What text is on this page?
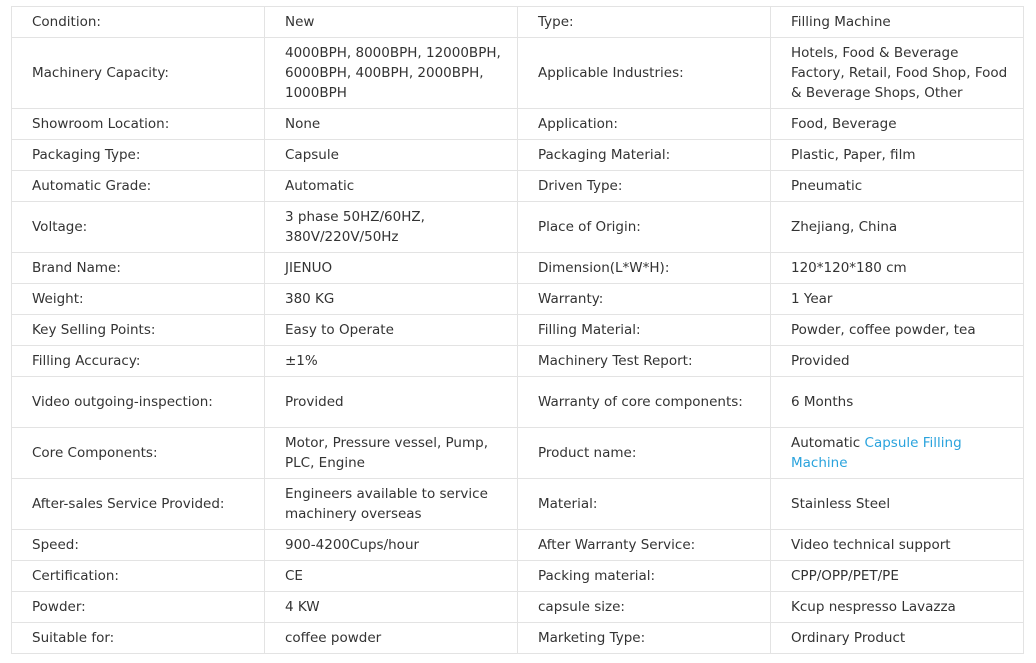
Condition:	New	Type:	Filling Machine
Machinery Capacity:	4000BPH, 8000BPH, 12000BPH, 6000BPH, 400BPH, 2000BPH, 1000BPH	Applicable Industries:	Hotels, Food & Beverage Factory, Retail, Food Shop, Food & Beverage Shops, Other
Showroom Location:	None	Application:	Food, Beverage
Packaging Type:	Capsule	Packaging Material:	Plastic, Paper, film
Automatic Grade:	Automatic	Driven Type:	Pneumatic
Voltage:	3 phase 50HZ/60HZ, 380V/220V/50Hz	Place of Origin:	Zhejiang, China
Brand Name:	JIENUO	Dimension(L*W*H):	120*120*180 cm
Weight:	380 KG	Warranty:	1 Year
Key Selling Points:	Easy to Operate	Filling Material:	Powder, coffee powder, tea
Filling Accuracy:	±1%	Machinery Test Report:	Provided
Video outgoing-inspection:	Provided	Warranty of core components:	6 Months
Core Components:	Motor, Pressure vessel, Pump, PLC, Engine	Product name:	Automatic Capsule Filling Machine
After-sales Service Provided:	Engineers available to service machinery overseas	Material:	Stainless Steel
Speed:	900-4200Cups/hour	After Warranty Service:	Video technical support
Certification:	CE	Packing material:	CPP/OPP/PET/PE
Powder:	4 KW	capsule size:	Kcup nespresso Lavazza
Suitable for:	coffee powder	Marketing Type:	Ordinary Product
